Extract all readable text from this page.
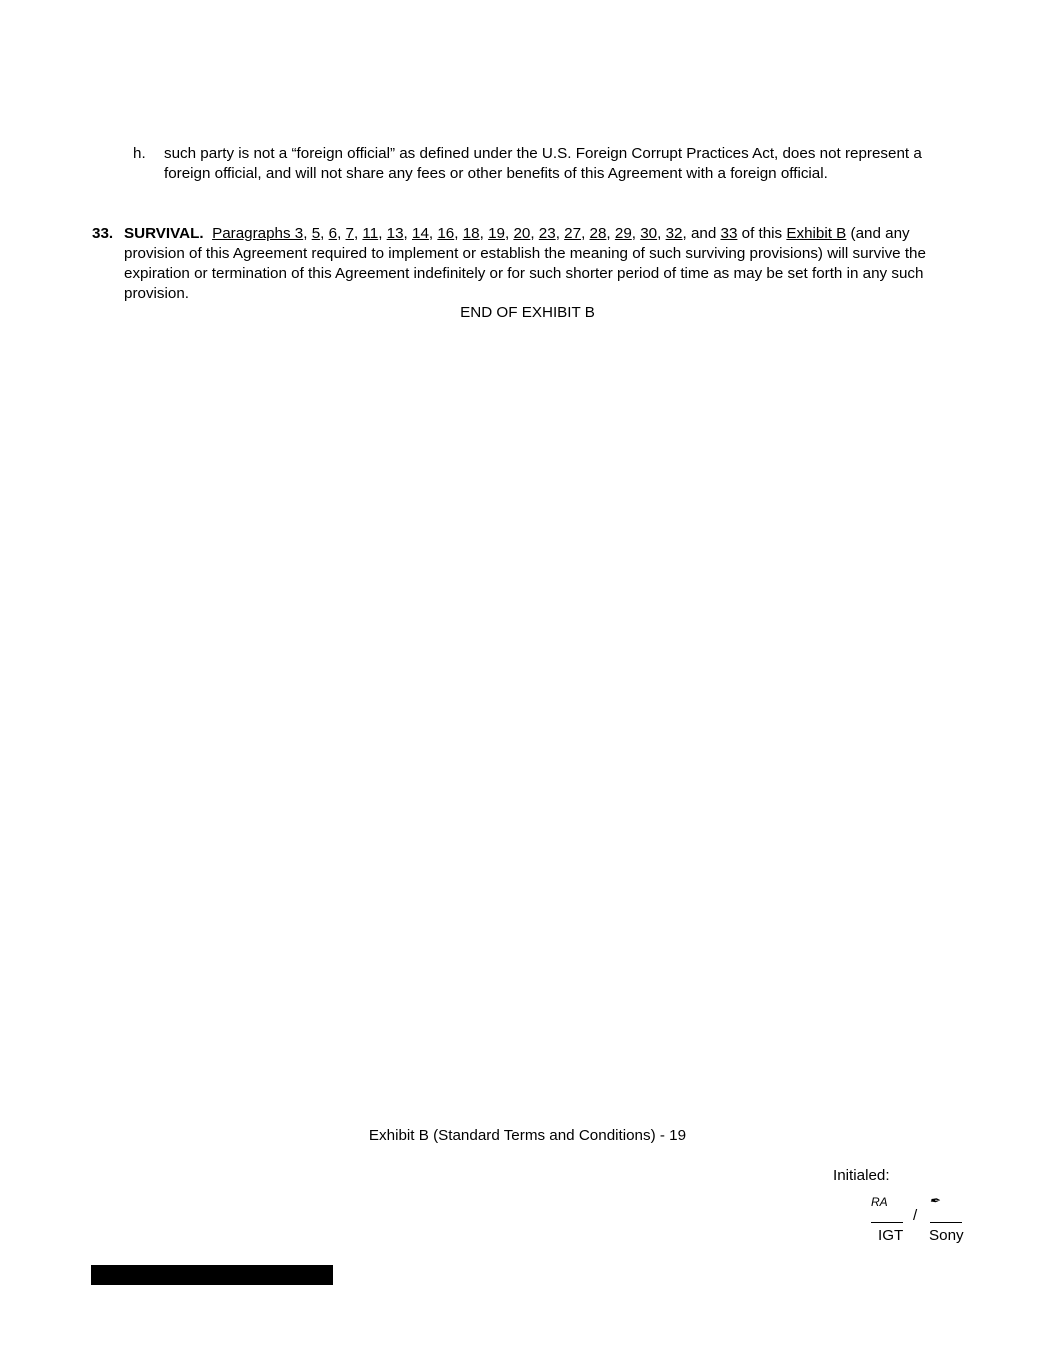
h. such party is not a “foreign official” as defined under the U.S. Foreign Corrupt Practices Act, does not represent a foreign official, and will not share any fees or other benefits of this Agreement with a foreign official.
33. SURVIVAL. Paragraphs 3, 5, 6, 7, 11, 13, 14, 16, 18, 19, 20, 23, 27, 28, 29, 30, 32, and 33 of this Exhibit B (and any provision of this Agreement required to implement or establish the meaning of such surviving provisions) will survive the expiration or termination of this Agreement indefinitely or for such shorter period of time as may be set forth in any such provision.
END OF EXHIBIT B
Exhibit B (Standard Terms and Conditions) - 19
Initialed:
RA	✒
/
IGT Sony
